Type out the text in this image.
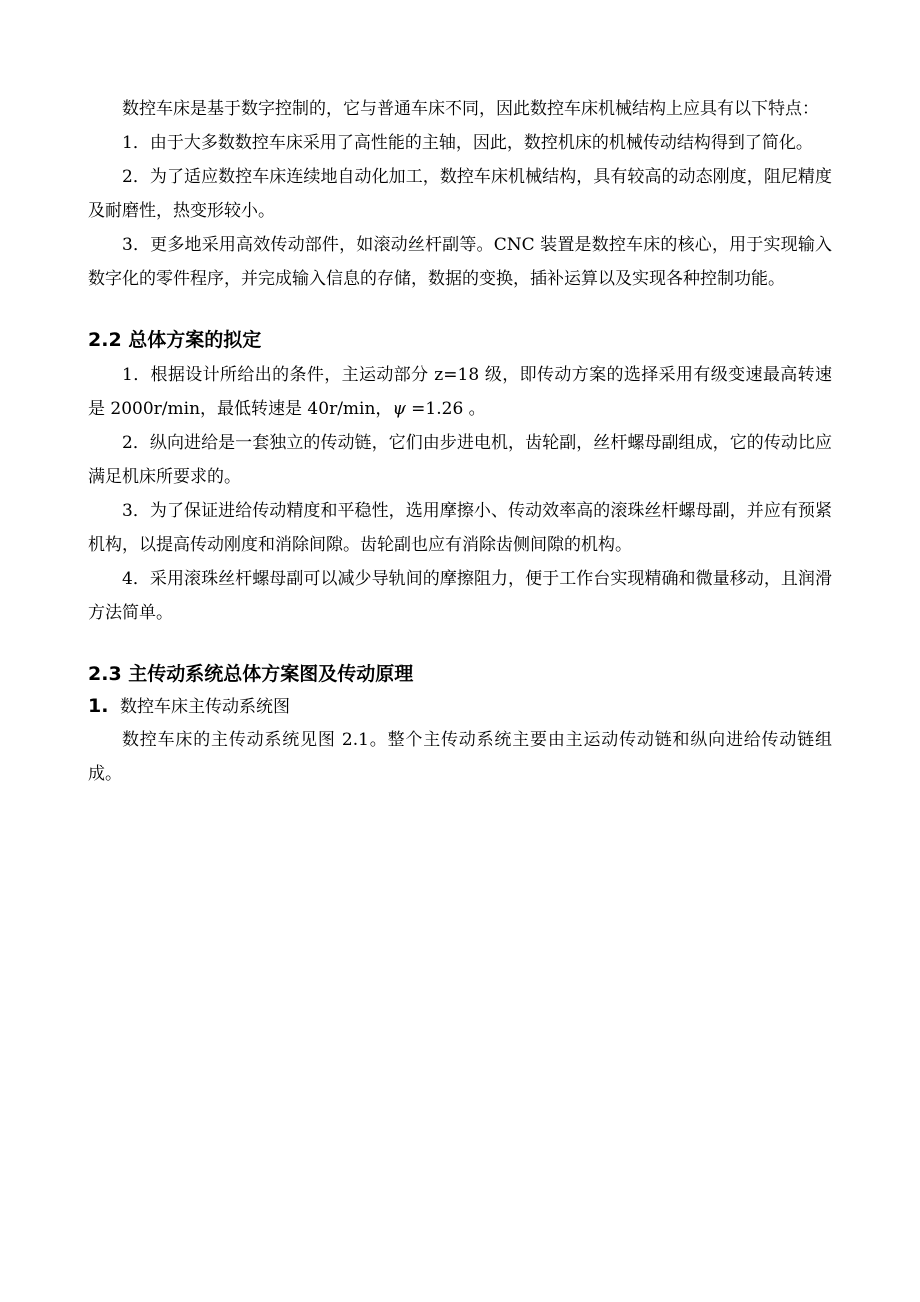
数控车床是基于数字控制的，它与普通车床不同，因此数控车床机械结构上应具有以下特点：

1．由于大多数数控车床采用了高性能的主轴，因此，数控机床的机械传动结构得到了简化。

2．为了适应数控车床连续地自动化加工，数控车床机械结构，具有较高的动态刚度，阻尼精度及耐磨性，热变形较小。

3．更多地采用高效传动部件，如滚动丝杆副等。CNC 装置是数控车床的核心，用于实现输入数字化的零件程序，并完成输入信息的存储，数据的变换，插补运算以及实现各种控制功能。

2.2 总体方案的拟定

1．根据设计所给出的条件，主运动部分 z=18 级，即传动方案的选择采用有级变速最高转速是 2000r/min，最低转速是 40r/min，ψ =1.26 。

2．纵向进给是一套独立的传动链，它们由步进电机，齿轮副，丝杆螺母副组成，它的传动比应满足机床所要求的。

3．为了保证进给传动精度和平稳性，选用摩擦小、传动效率高的滚珠丝杆螺母副，并应有预紧机构，以提高传动刚度和消除间隙。齿轮副也应有消除齿侧间隙的机构。

4．采用滚珠丝杆螺母副可以减少导轨间的摩擦阻力，便于工作台实现精确和微量移动，且润滑方法简单。

2.3 主传动系统总体方案图及传动原理

1. 数控车床主传动系统图

数控车床的主传动系统见图 2.1。整个主传动系统主要由主运动传动链和纵向进给传动链组成。
